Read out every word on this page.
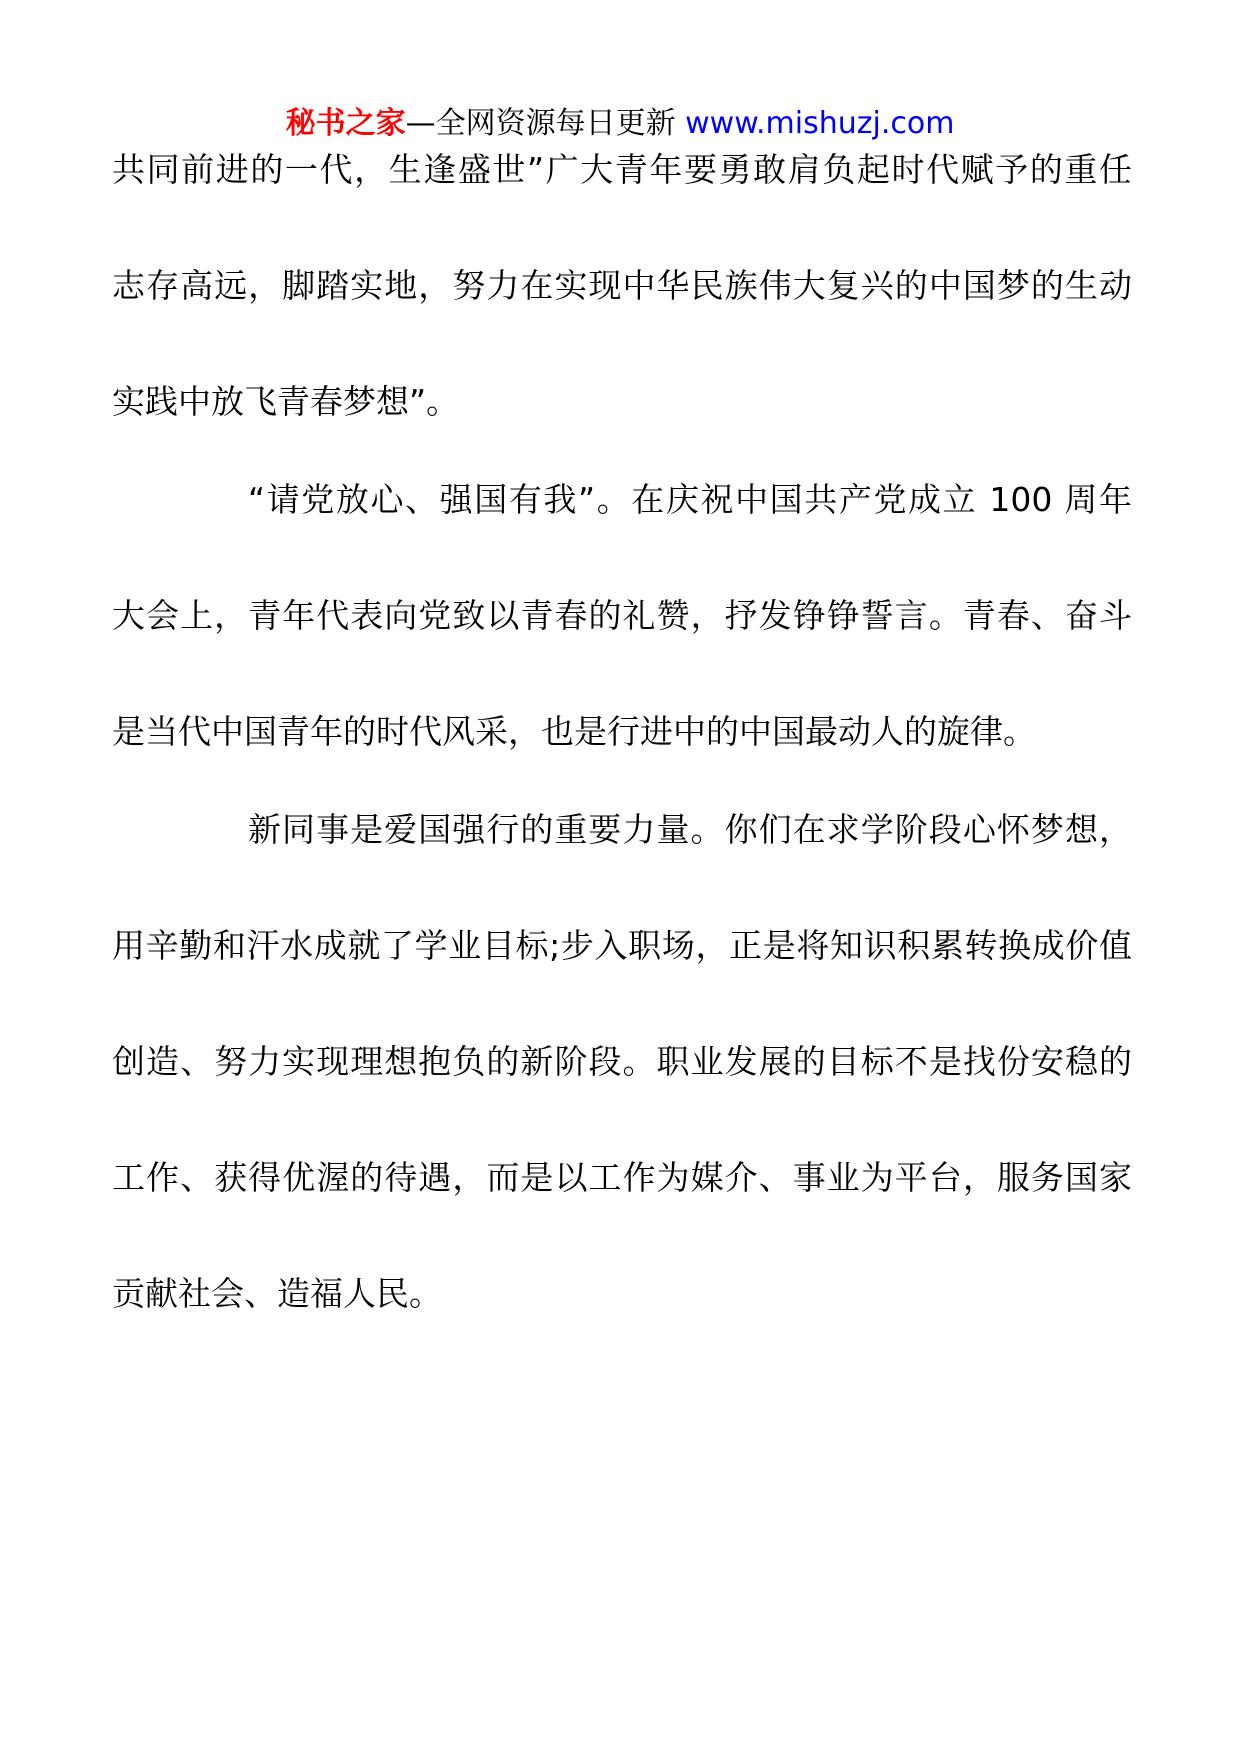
秘书之家—全网资源每日更新 www.mishuzj.com
共同前进的一代，生逢盛世”广大青年要勇敢肩负起时代赋予的重任
志存高远，脚踏实地，努力在实现中华民族伟大复兴的中国梦的生动
实践中放飞青春梦想”。
“请党放心、强国有我”。在庆祝中国共产党成立 100 周年
大会上，青年代表向党致以青春的礼赞，抒发铮铮誓言。青春、奋斗
是当代中国青年的时代风采，也是行进中的中国最动人的旋律。
新同事是爱国强行的重要力量。你们在求学阶段心怀梦想，
用辛勤和汗水成就了学业目标;步入职场，正是将知识积累转换成价值
创造、努力实现理想抱负的新阶段。职业发展的目标不是找份安稳的
工作、获得优渥的待遇，而是以工作为媒介、事业为平台，服务国家
贡献社会、造福人民。
